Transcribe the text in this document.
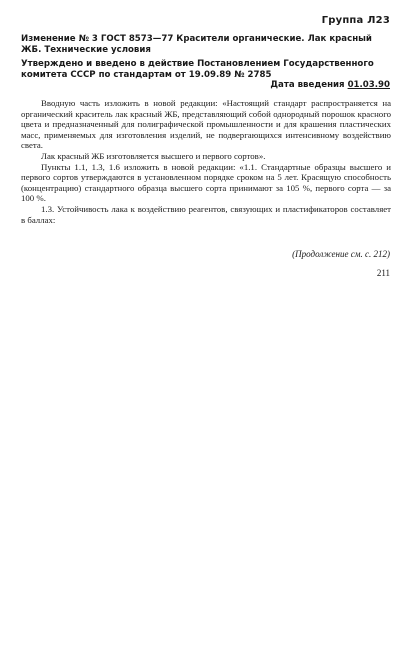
Группа Л23
Изменение № 3 ГОСТ 8573—77 Красители органические. Лак красный ЖБ. Технические условия
Утверждено и введено в действие Постановлением Государственного комитета СССР по стандартам от 19.09.89 № 2785
Дата введения 01.03.90

Вводную часть изложить в новой редакции: «Настоящий стандарт распространяется на органический краситель лак красный ЖБ, представляющий собой однородный порошок красного цвета и предназначенный для полиграфической промышленности и для крашения пластических масс, применяемых для изготовления изделий, не подвергающихся интенсивному воздействию света.

Лак красный ЖБ изготовляется высшего и первого сортов».

Пункты 1.1, 1.3, 1.6 изложить в новой редакции: «1.1. Стандартные образцы высшего и первого сортов утверждаются в установленном порядке сроком на 5 лет. Красящую способность (концентрацию) стандартного образца высшего сорта принимают за 105 %, первого сорта — за 100 %.

1.3. Устойчивость лака к воздействию реагентов, связующих и пластификаторов составляет в баллах:

(Продолжение см. с. 212)
211
